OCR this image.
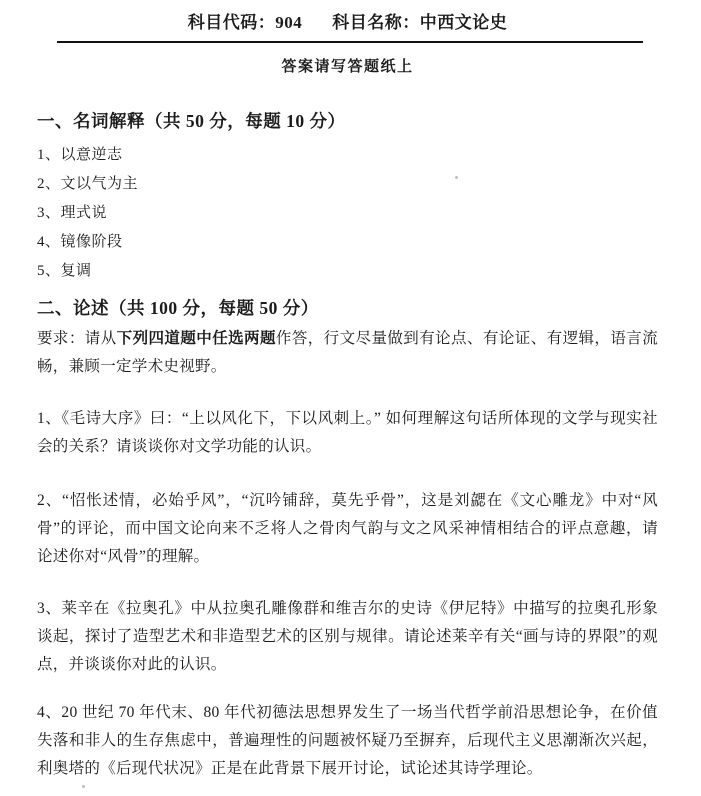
科目代码：904 科目名称：中西文论史
答案请写答题纸上
一、名词解释（共 50 分，每题 10 分）
1、以意逆志
2、文以气为主
3、理式说
4、镜像阶段
5、复调
二、论述（共 100 分，每题 50 分）

要求：请从下列四道题中任选两题作答，行文尽量做到有论点、有论证、有逻辑，语言流畅，兼顾一定学术史视野。

1、《毛诗大序》曰：“上以风化下，下以风刺上。” 如何理解这句话所体现的文学与现实社会的关系？请谈谈你对文学功能的认识。

2、“怊怅述情，必始乎风”，“沉吟铺辞，莫先乎骨”，这是刘勰在《文心雕龙》中对“风骨”的评论，而中国文论向来不乏将人之骨肉气韵与文之风采神情相结合的评点意趣，请论述你对“风骨”的理解。

3、莱辛在《拉奥孔》中从拉奥孔雕像群和维吉尔的史诗《伊尼特》中描写的拉奥孔形象谈起，探讨了造型艺术和非造型艺术的区别与规律。请论述莱辛有关“画与诗的界限”的观点，并谈谈你对此的认识。

4、20 世纪 70 年代末、80 年代初德法思想界发生了一场当代哲学前沿思想论争，在价值失落和非人的生存焦虑中，普遍理性的问题被怀疑乃至摒弃，后现代主义思潮渐次兴起，利奥塔的《后现代状况》正是在此背景下展开讨论，试论述其诗学理论。
